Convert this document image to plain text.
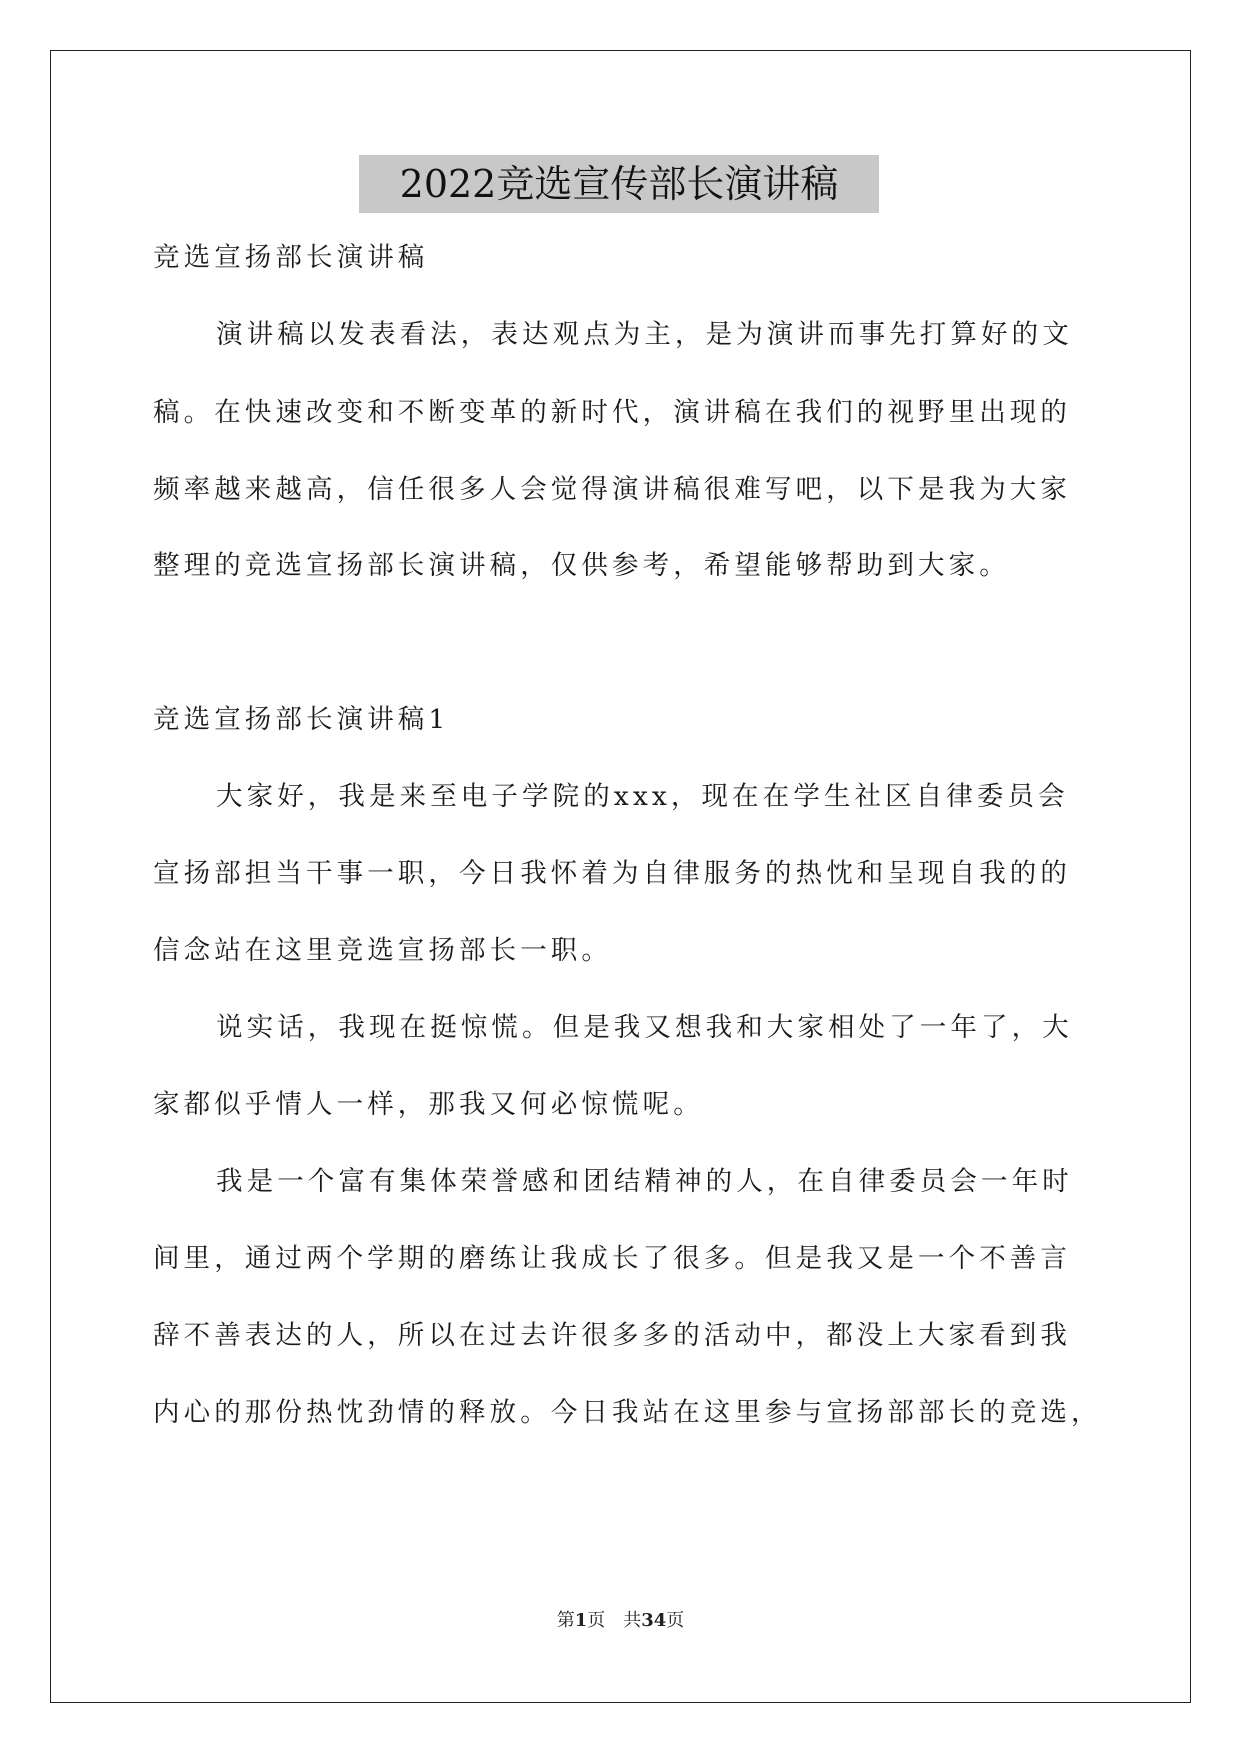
2022竞选宣传部长演讲稿
竞选宣扬部长演讲稿
演讲稿以发表看法，表达观点为主，是为演讲而事先打算好的文
稿。在快速改变和不断变革的新时代，演讲稿在我们的视野里出现的
频率越来越高，信任很多人会觉得演讲稿很难写吧，以下是我为大家
整理的竞选宣扬部长演讲稿，仅供参考，希望能够帮助到大家。
竞选宣扬部长演讲稿1
大家好，我是来至电子学院的xxx，现在在学生社区自律委员会
宣扬部担当干事一职，今日我怀着为自律服务的热忱和呈现自我的的
信念站在这里竞选宣扬部长一职。
说实话，我现在挺惊慌。但是我又想我和大家相处了一年了，大
家都似乎情人一样，那我又何必惊慌呢。
我是一个富有集体荣誉感和团结精神的人，在自律委员会一年时
间里，通过两个学期的磨练让我成长了很多。但是我又是一个不善言
辞不善表达的人，所以在过去许很多多的活动中，都没上大家看到我
内心的那份热忱劲情的释放。今日我站在这里参与宣扬部部长的竞选，
第1页 共34页
